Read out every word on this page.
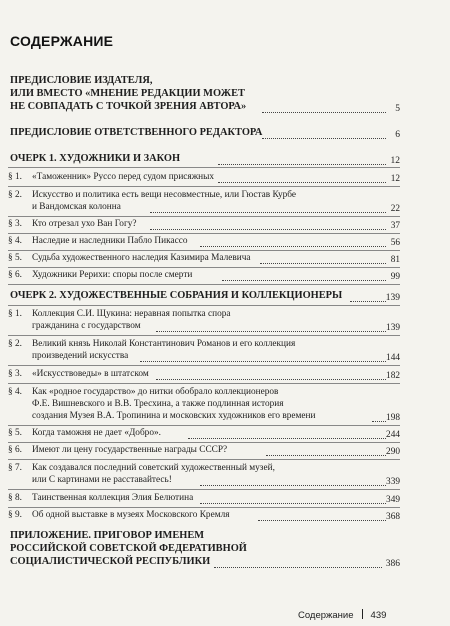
СОДЕРЖАНИЕ
ПРЕДИСЛОВИЕ ИЗДАТЕЛЯ,
ИЛИ ВМЕСТО «МНЕНИЕ РЕДАКЦИИ МОЖЕТ
НЕ СОВПАДАТЬ С ТОЧКОЙ ЗРЕНИЯ АВТОРА»	5
ПРЕДИСЛОВИЕ ОТВЕТСТВЕННОГО РЕДАКТОРА	6
ОЧЕРК 1. ХУДОЖНИКИ И ЗАКОН	12
§ 1. «Таможенник» Руссо перед судом присяжных	12
§ 2. Искусство и политика есть вещи несовместные, или Гюстав Курбе
и Вандомская колонна	22
§ 3. Кто отрезал ухо Ван Гогу?	37
§ 4. Наследие и наследники Пабло Пикассо	56
§ 5. Судьба художественного наследия Казимира Малевича	81
§ 6. Художники Рерихи: споры после смерти	99
ОЧЕРК 2. ХУДОЖЕСТВЕННЫЕ СОБРАНИЯ И КОЛЛЕКЦИОНЕРЫ	139
§ 1. Коллекция С.И. Щукина: неравная попытка спора
гражданина с государством	139
§ 2. Великий князь Николай Константинович Романов и его коллекция
произведений искусства	144
§ 3. «Искусствоведы» в штатском	182
§ 4. Как «родное государство» до нитки обобрало коллекционеров
Ф.Е. Вишневского и В.В. Тресхина, а также подлинная история
создания Музея В.А. Тропинина и московских художников его времени	198
§ 5. Когда таможня не дает «Добро».	244
§ 6. Имеют ли цену государственные награды СССР?	290
§ 7. Как создавался последний советский художественный музей,
или С картинами не расставайтесь!	339
§ 8. Таинственная коллекция Элия Белютина	349
§ 9. Об одной выставке в музеях Московского Кремля	368
ПРИЛОЖЕНИЕ. ПРИГОВОР ИМЕНЕМ
РОССИЙСКОЙ СОВЕТСКОЙ ФЕДЕРАТИВНОЙ
СОЦИАЛИСТИЧЕСКОЙ РЕСПУБЛИКИ	386
Содержание 439
